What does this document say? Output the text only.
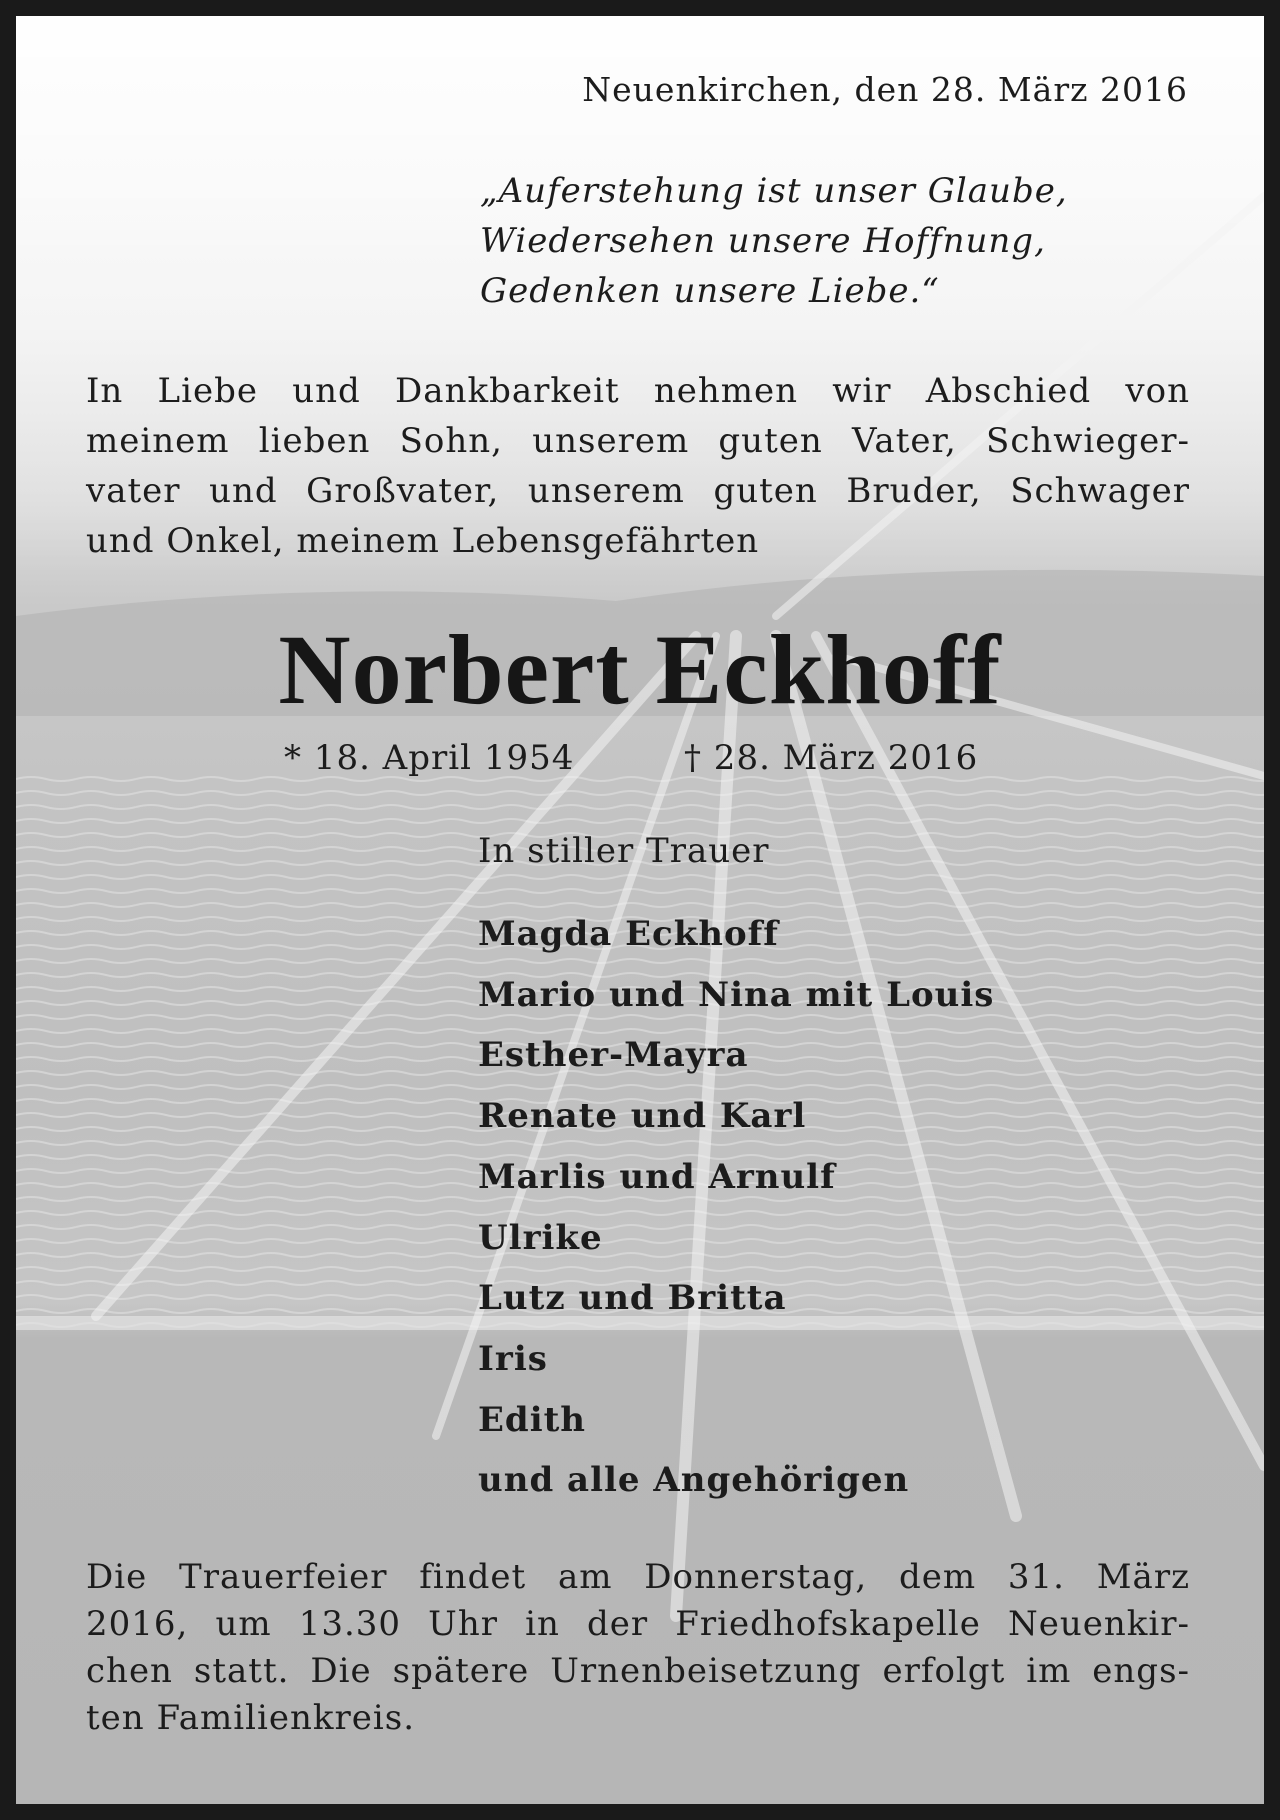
Neuenkirchen, den 28. März 2016
„Auferstehung ist unser Glaube,
Wiedersehen unsere Hoffnung,
Gedenken unsere Liebe.“
In Liebe und Dankbarkeit nehmen wir Abschied von
meinem lieben Sohn, unserem guten Vater, Schwieger-
vater und Großvater, unserem guten Bruder, Schwager
und Onkel, meinem Lebensgefährten
Norbert Eckhoff
* 18. April 1954	† 28. März 2016
In stiller Trauer
Magda Eckhoff
Mario und Nina mit Louis
Esther-Mayra
Renate und Karl
Marlis und Arnulf
Ulrike
Lutz und Britta
Iris
Edith
und alle Angehörigen
Die Trauerfeier findet am Donnerstag, dem 31. März
2016, um 13.30 Uhr in der Friedhofskapelle Neuenkir-
chen statt. Die spätere Urnenbeisetzung erfolgt im engs-
ten Familienkreis.
